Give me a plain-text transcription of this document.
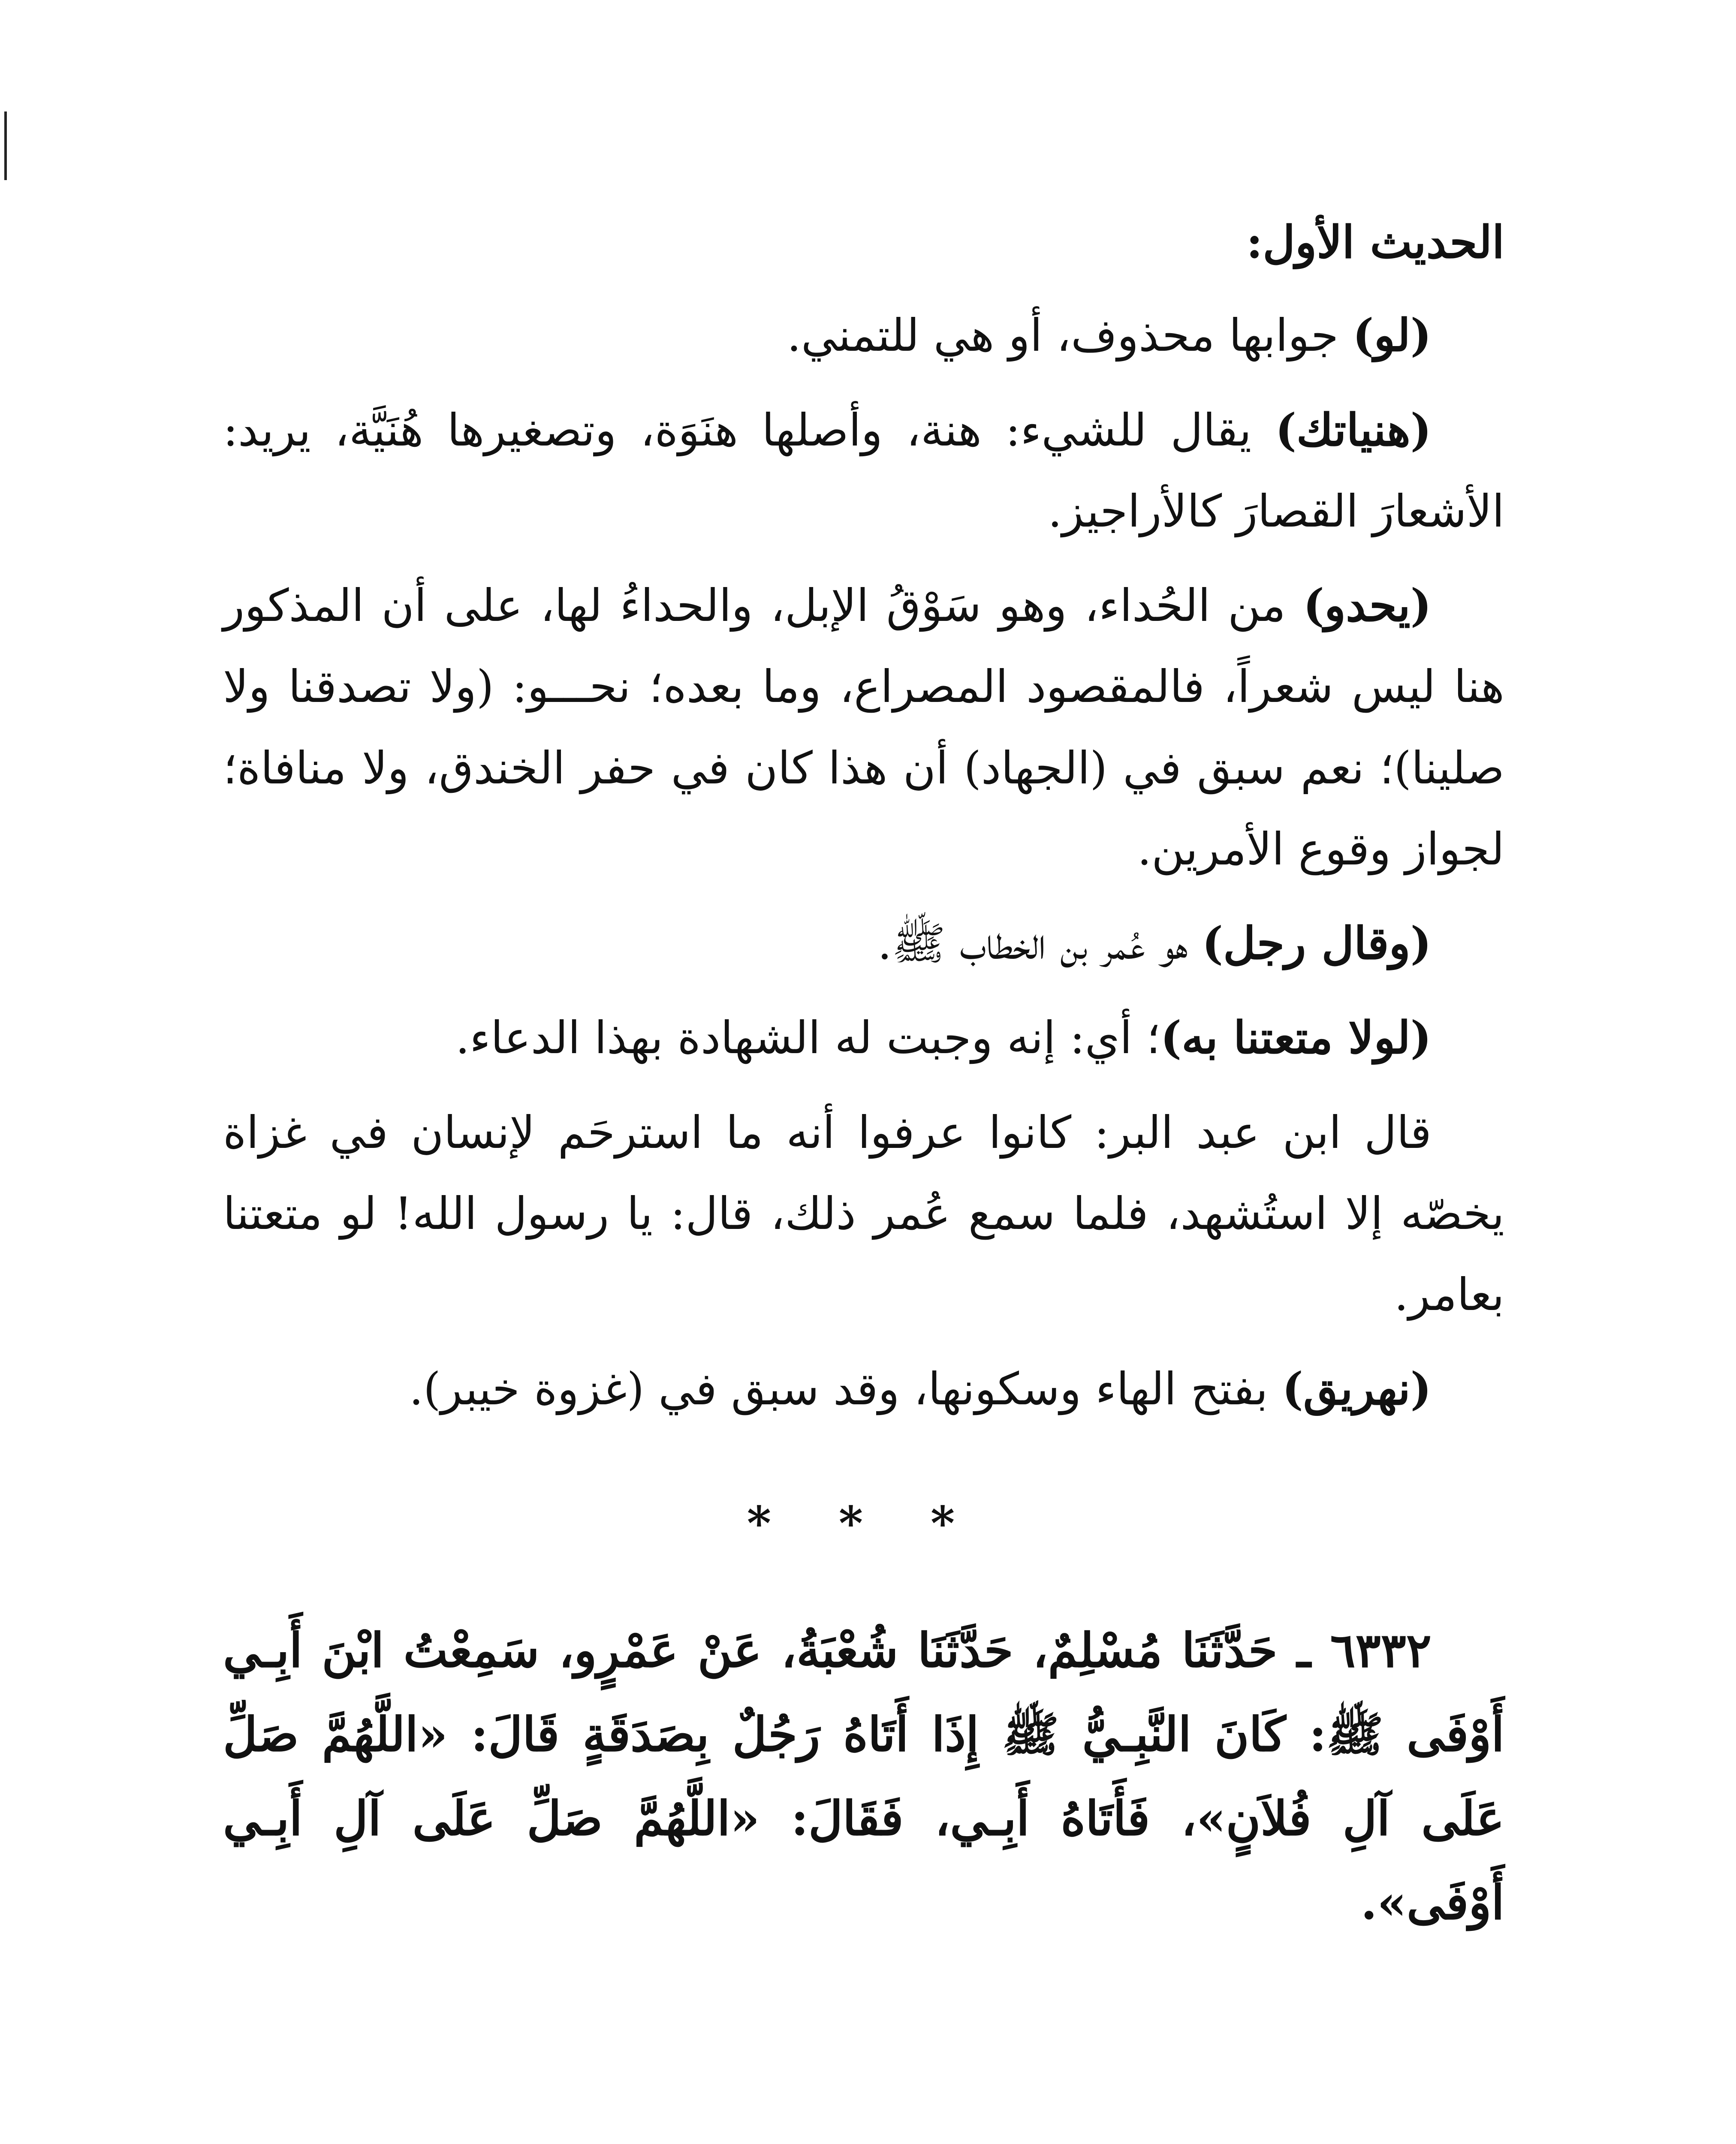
الحديث الأول:

(لو) جوابها محذوف، أو هي للتمني.

(هنياتك) يقال للشيء: هنة، وأصلها هنَوَة، وتصغيرها هُنَيَّة، يريد: الأشعارَ القصارَ كالأراجيز.

(يحدو) من الحُداء، وهو سَوْقُ الإبل، والحداءُ لها، على أن المذكور هنا ليس شعراً، فالمقصود المصراع، وما بعده؛ نحـــو: (ولا تصدقنا ولا صلينا)؛ نعم سبق في (الجهاد) أن هذا كان في حفر الخندق، ولا منافاة؛ لجواز وقوع الأمرين.

(وقال رجل) هو عُمر بن الخطاب ﷺ.

(لولا متعتنا به)؛ أي: إنه وجبت له الشهادة بهذا الدعاء.

قال ابن عبد البر: كانوا عرفوا أنه ما استرحَم لإنسان في غزاة يخصّه إلا استُشهد، فلما سمع عُمر ذلك، قال: يا رسول الله! لو متعتنا بعامر.

(نهريق) بفتح الهاء وسكونها، وقد سبق في (غزوة خيبر).

* * *

٦٣٣٢ ـ حَدَّثَنَا مُسْلِمٌ، حَدَّثَنَا شُعْبَةُ، عَنْ عَمْرٍو، سَمِعْتُ ابْنَ أَبِـي أَوْفَى ﷺ: كَانَ النَّبِـيُّ ﷺ إِذَا أَتَاهُ رَجُلٌ بِصَدَقَةٍ قَالَ: «اللَّهُمَّ صَلِّ عَلَى آلِ فُلاَنٍ»، فَأَتَاهُ أَبِـي، فَقَالَ: «اللَّهُمَّ صَلِّ عَلَى آلِ أَبِـي أَوْفَى».
